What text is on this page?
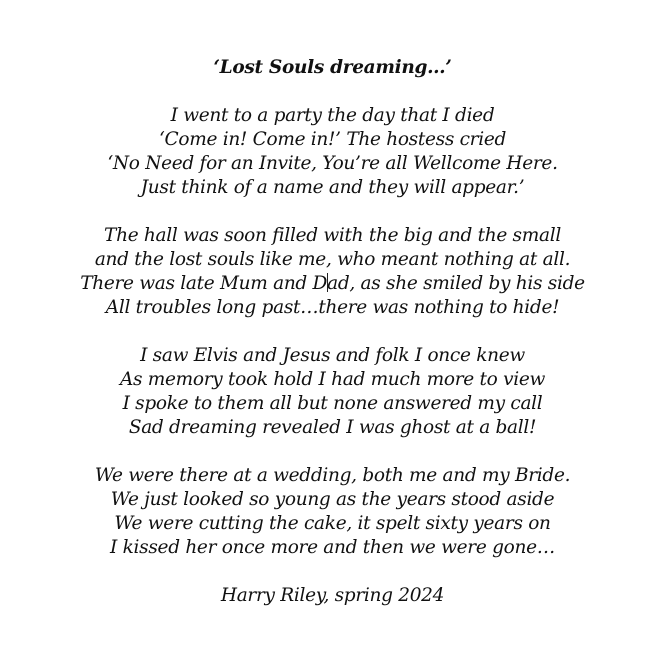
‘Lost Souls dreaming…’
I went to a party the day that I died
‘Come in! Come in!’ The hostess cried
‘No Need for an Invite, You’re all Wellcome Here.
Just think of a name and they will appear.’
The hall was soon filled with the big and the small
and the lost souls like me, who meant nothing at all.
There was late Mum and Dad, as she smiled by his side
All troubles long past…there was nothing to hide!
I saw Elvis and Jesus and folk I once knew
As memory took hold I had much more to view
I spoke to them all but none answered my call
Sad dreaming revealed I was ghost at a ball!
We were there at a wedding, both me and my Bride.
We just looked so young as the years stood aside
We were cutting the cake, it spelt sixty years on
I kissed her once more and then we were gone…
Harry Riley, spring 2024
